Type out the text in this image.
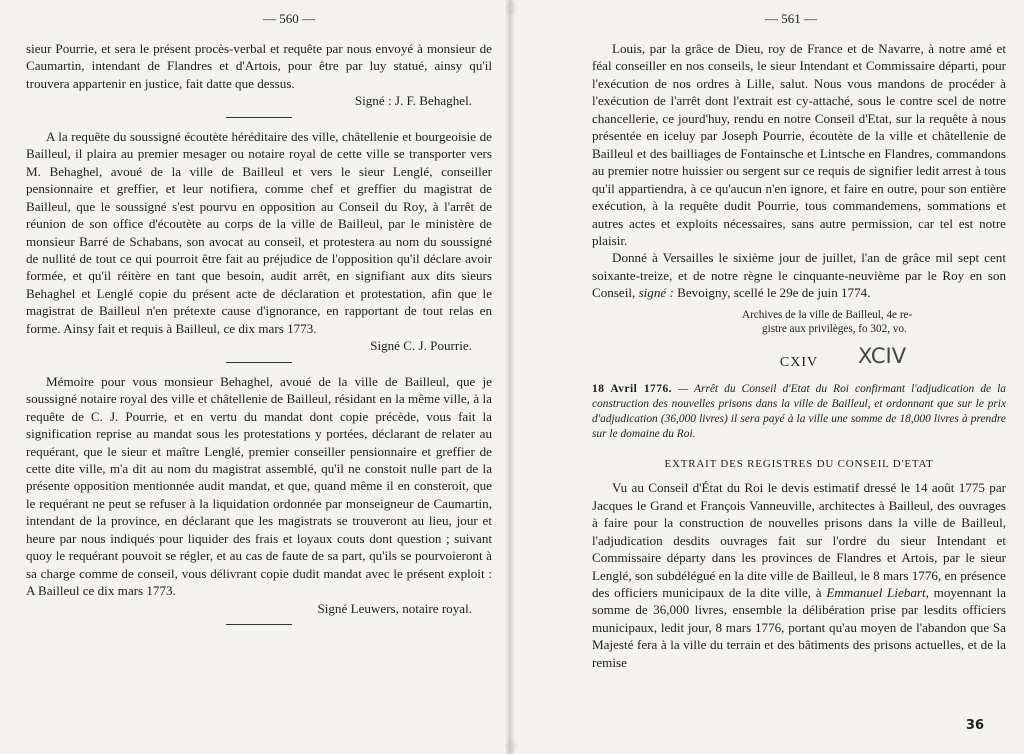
— 560 —

sieur Pourrie, et sera le présent procès-verbal et requête par nous envoyé à monsieur de Caumartin, intendant de Flandres et d'Artois, pour être par luy statué, ainsy qu'il trouvera appartenir en justice, fait datte que dessus.

Signé : J. F. Behaghel.

A la requête du soussigné écoutète héréditaire des ville, châtellenie et bourgeoisie de Bailleul, il plaira au premier mesager ou notaire royal de cette ville se transporter vers M. Behaghel, avoué de la ville de Bailleul et vers le sieur Lenglé, conseiller pensionnaire et greffier, et leur notifiera, comme chef et greffier du magistrat de Bailleul, que le soussigné s'est pourvu en opposition au Conseil du Roy, à l'arrêt de réunion de son office d'écoutète au corps de la ville de Bailleul, par le ministère de monsieur Barré de Schabans, son avocat au conseil, et protestera au nom du soussigné de nullité de tout ce qui pourroit être fait au préjudice de l'opposition qu'il déclare avoir formée, et qu'il réitère en tant que besoin, audit arrêt, en signifiant aux dits sieurs Behaghel et Lenglé copie du présent acte de déclaration et protestation, afin que le magistrat de Bailleul n'en prétexte cause d'ignorance, en rapportant de tout relas en forme. Ainsy fait et requis à Bailleul, ce dix mars 1773.

Signé C. J. Pourrie.

Mémoire pour vous monsieur Behaghel, avoué de la ville de Bailleul, que je soussigné notaire royal des ville et châtellenie de Bailleul, résidant en la même ville, à la requête de C. J. Pourrie, et en vertu du mandat dont copie précède, vous fait la signification reprise au mandat sous les protestations y portées, déclarant de relater au requérant, que le sieur et maître Lenglé, premier conseiller pensionnaire et greffier de cette dite ville, m'a dit au nom du magistrat assemblé, qu'il ne constoit nulle part de la présente opposition mentionnée audit mandat, et que, quand même il en consteroit, que le requérant ne peut se refuser à la liquidation ordonnée par monseigneur de Caumartin, intendant de la province, en déclarant que les magistrats se trouveront au lieu, jour et heure par nous indiqués pour liquider des frais et loyaux couts dont question ; suivant quoy le requérant pouvoit se régler, et au cas de faute de sa part, qu'ils se pourvoieront à sa charge comme de conseil, vous délivrant copie dudit mandat avec le présent exploit : A Bailleul ce dix mars 1773.

Signé Leuwers, notaire royal.

— 561 —

Louis, par la grâce de Dieu, roy de France et de Navarre, à notre amé et féal conseiller en nos conseils, le sieur Intendant et Commissaire départi, pour l'exécution de nos ordres à Lille, salut. Nous vous mandons de procéder à l'exécution de l'arrêt dont l'extrait est cy-attaché, sous le contre scel de notre chancellerie, ce jourd'huy, rendu en notre Conseil d'Etat, sur la requête à nous présentée en iceluy par Joseph Pourrie, écoutète de la ville et châtellenie de Bailleul et des bailliages de Fontainsche et Lintsche en Flandres, commandons au premier notre huissier ou sergent sur ce requis de signifier ledit arrest à tous qu'il appartiendra, à ce qu'aucun n'en ignore, et faire en outre, pour son entière exécution, à la requête dudit Pourrie, tous commandemens, sommations et autres actes et exploits nécessaires, sans autre permission, car tel est notre plaisir.

Donné à Versailles le sixième jour de juillet, l'an de grâce mil sept cent soixante-treize, et de notre règne le cinquante-neuvième par le Roy en son Conseil, signé : Bevoigny, scellé le 29e de juin 1774.

Archives de la ville de Bailleul, 4e re-
gistre aux privilèges, fo 302, vo.
CXIV XCIV

18 Avril 1776. — Arrêt du Conseil d'Etat du Roi confirmant l'adjudication de la construction des nouvelles prisons dans la ville de Bailleul, et ordonnant que sur le prix d'adjudication (36,000 livres) il sera payé à la ville une somme de 18,000 livres à prendre sur le domaine du Roi.

EXTRAIT DES REGISTRES DU CONSEIL D'ETAT

Vu au Conseil d'État du Roi le devis estimatif dressé le 14 août 1775 par Jacques le Grand et François Vanneuville, architectes à Bailleul, des ouvrages à faire pour la construction de nouvelles prisons dans la ville de Bailleul, l'adjudication desdits ouvrages fait sur l'ordre du sieur Intendant et Commissaire départy dans les provinces de Flandres et Artois, par le sieur Lenglé, son subdélégué en la dite ville de Bailleul, le 8 mars 1776, en présence des officiers municipaux de la dite ville, à Emmanuel Liebart, moyennant la somme de 36,000 livres, ensemble la délibération prise par lesdits officiers municipaux, ledit jour, 8 mars 1776, portant qu'au moyen de l'abandon que Sa Majesté fera à la ville du terrain et des bâtiments des prisons actuelles, et de la remise

36
